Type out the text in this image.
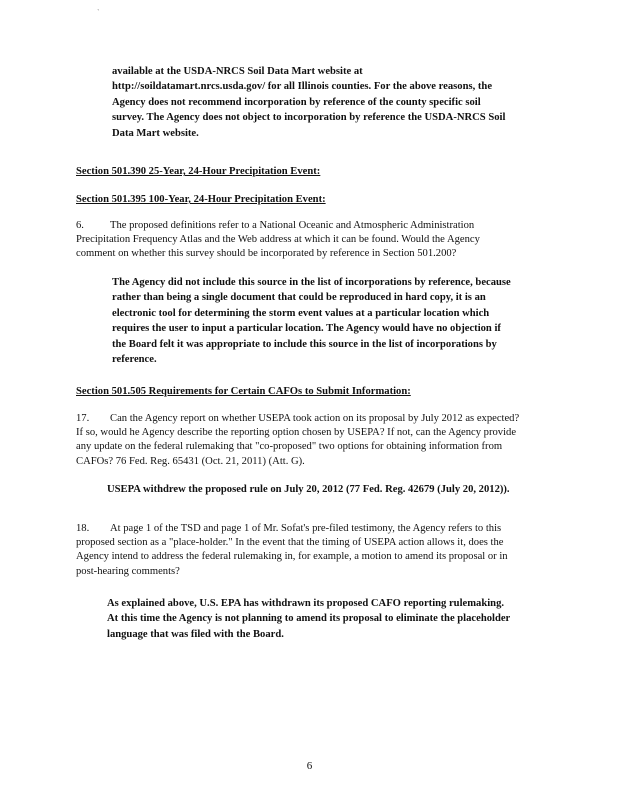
`

available at the USDA-NRCS Soil Data Mart website at http://soildatamart.nrcs.usda.gov/ for all Illinois counties. For the above reasons, the Agency does not recommend incorporation by reference of the county specific soil survey. The Agency does not object to incorporation by reference the USDA-NRCS Soil Data Mart website.

Section 501.390 25-Year, 24-Hour Precipitation Event:
Section 501.395 100-Year, 24-Hour Precipitation Event:

6. The proposed definitions refer to a National Oceanic and Atmospheric Administration Precipitation Frequency Atlas and the Web address at which it can be found. Would the Agency comment on whether this survey should be incorporated by reference in Section 501.200?

The Agency did not include this source in the list of incorporations by reference, because rather than being a single document that could be reproduced in hard copy, it is an electronic tool for determining the storm event values at a particular location which requires the user to input a particular location. The Agency would have no objection if the Board felt it was appropriate to include this source in the list of incorporations by reference.

Section 501.505 Requirements for Certain CAFOs to Submit Information:

17. Can the Agency report on whether USEPA took action on its proposal by July 2012 as expected? If so, would he Agency describe the reporting option chosen by USEPA? If not, can the Agency provide any update on the federal rulemaking that "co-proposed" two options for obtaining information from CAFOs? 76 Fed. Reg. 65431 (Oct. 21, 2011) (Att. G).

USEPA withdrew the proposed rule on July 20, 2012 (77 Fed. Reg. 42679 (July 20, 2012)).

18. At page 1 of the TSD and page 1 of Mr. Sofat's pre-filed testimony, the Agency refers to this proposed section as a "place-holder." In the event that the timing of USEPA action allows it, does the Agency intend to address the federal rulemaking in, for example, a motion to amend its proposal or in post-hearing comments?

As explained above, U.S. EPA has withdrawn its proposed CAFO reporting rulemaking. At this time the Agency is not planning to amend its proposal to eliminate the placeholder language that was filed with the Board.

6
